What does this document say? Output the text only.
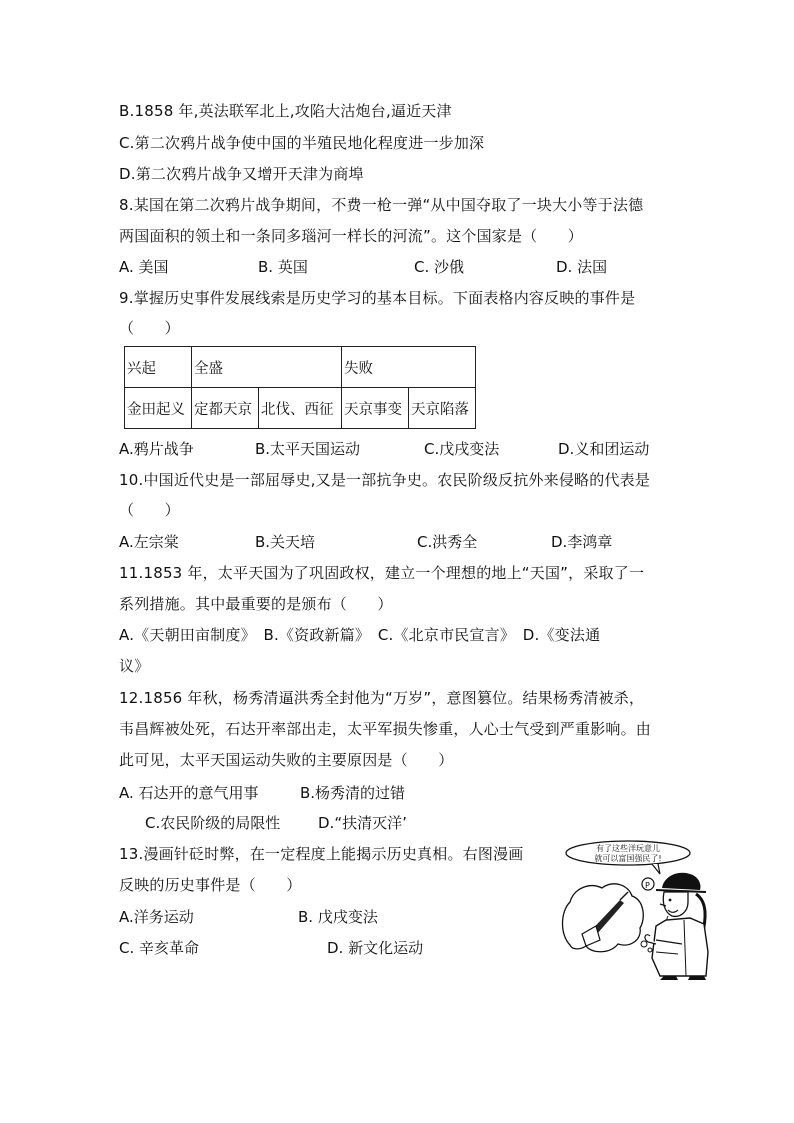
B.1858 年,英法联军北上,攻陷大沽炮台,逼近天津
C.第二次鸦片战争使中国的半殖民地化程度进一步加深
D.第二次鸦片战争又增开天津为商埠
8.某国在第二次鸦片战争期间，不费一枪一弹“从中国夺取了一块大小等于法德
两国面积的领土和一条同多瑙河一样长的河流”。这个国家是（　　）
A. 美国	B. 英国	C. 沙俄	D. 法国
9.掌握历史事件发展线索是历史学习的基本目标。下面表格内容反映的事件是
（　　）
兴起	全盛		失败	
金田起义	定都天京	北伐、西征	天京事变	天京陷落
A.鸦片战争	B.太平天国运动	C.戊戌变法	D.义和团运动
10.中国近代史是一部屈辱史,又是一部抗争史。农民阶级反抗外来侵略的代表是
（　　）
A.左宗棠	B.关天培	C.洪秀全	D.李鸿章
11.1853 年，太平天国为了巩固政权，建立一个理想的地上“天国”，采取了一
系列措施。其中最重要的是颁布（　　）
A.《天朝田亩制度》　B.《资政新篇》　C.《北京市民宣言》　D.《变法通
议》
12.1856 年秋，杨秀清逼洪秀全封他为“万岁”，意图篡位。结果杨秀清被杀，
韦昌辉被处死，石达开率部出走，太平军损失惨重，人心士气受到严重影响。由
此可见，太平天国运动失败的主要原因是（　　）
A. 石达开的意气用事	B.杨秀清的过错
C.农民阶级的局限性	D.“扶清灭洋’
13.漫画针砭时弊，在一定程度上能揭示历史真相。右图漫画
反映的历史事件是（　　）
A.洋务运动	B. 戊戌变法
C. 辛亥革命	D. 新文化运动
有了这些洋玩意儿
就可以富国强民了!
P
